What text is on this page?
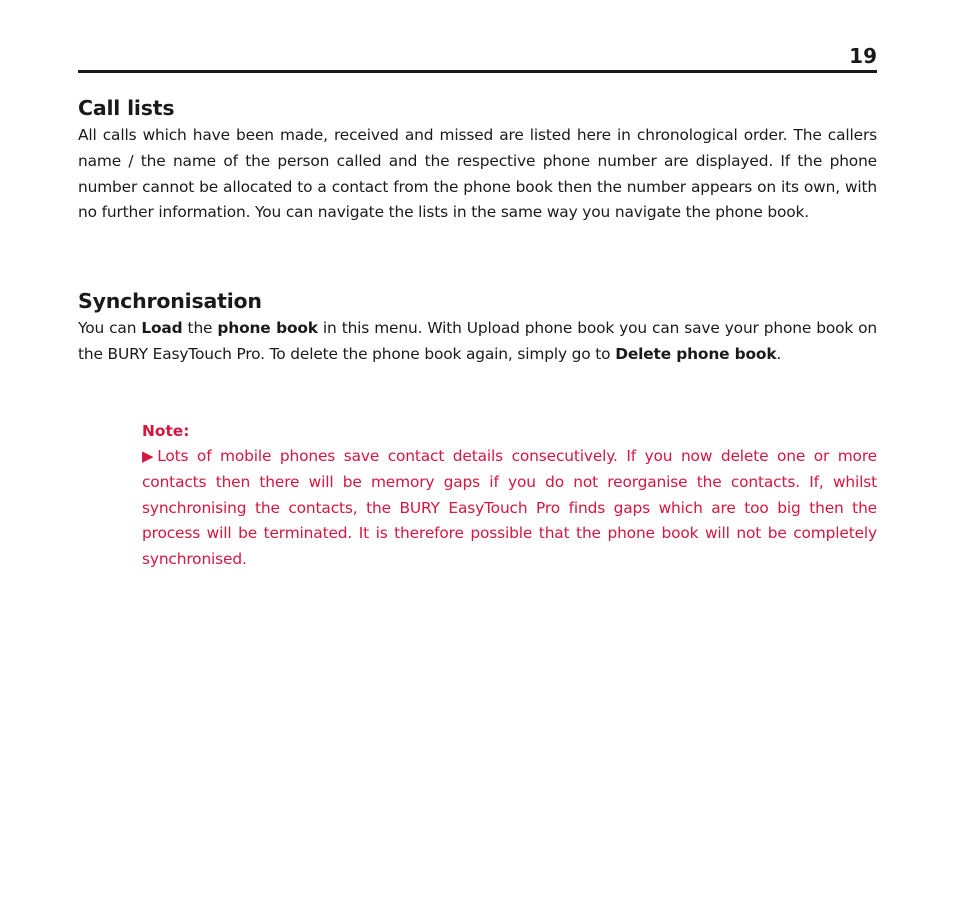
19
Call lists

All calls which have been made, received and missed are listed here in chronological order. The callers name / the name of the person called and the respective phone number are displayed. If the phone number cannot be allocated to a contact from the phone book then the number appears on its own, with no further information. You can navigate the lists in the same way you navigate the phone book.

Synchronisation

You can Load the phone book in this menu. With Upload phone book you can save your phone book on the BURY EasyTouch Pro. To delete the phone book again, simply go to Delete phone book.

Note:

▶Lots of mobile phones save contact details consecutively. If you now delete one or more contacts then there will be memory gaps if you do not reorganise the contacts. If, whilst synchronising the contacts, the BURY EasyTouch Pro finds gaps which are too big then the process will be terminated. It is therefore possible that the phone book will not be completely synchronised.
